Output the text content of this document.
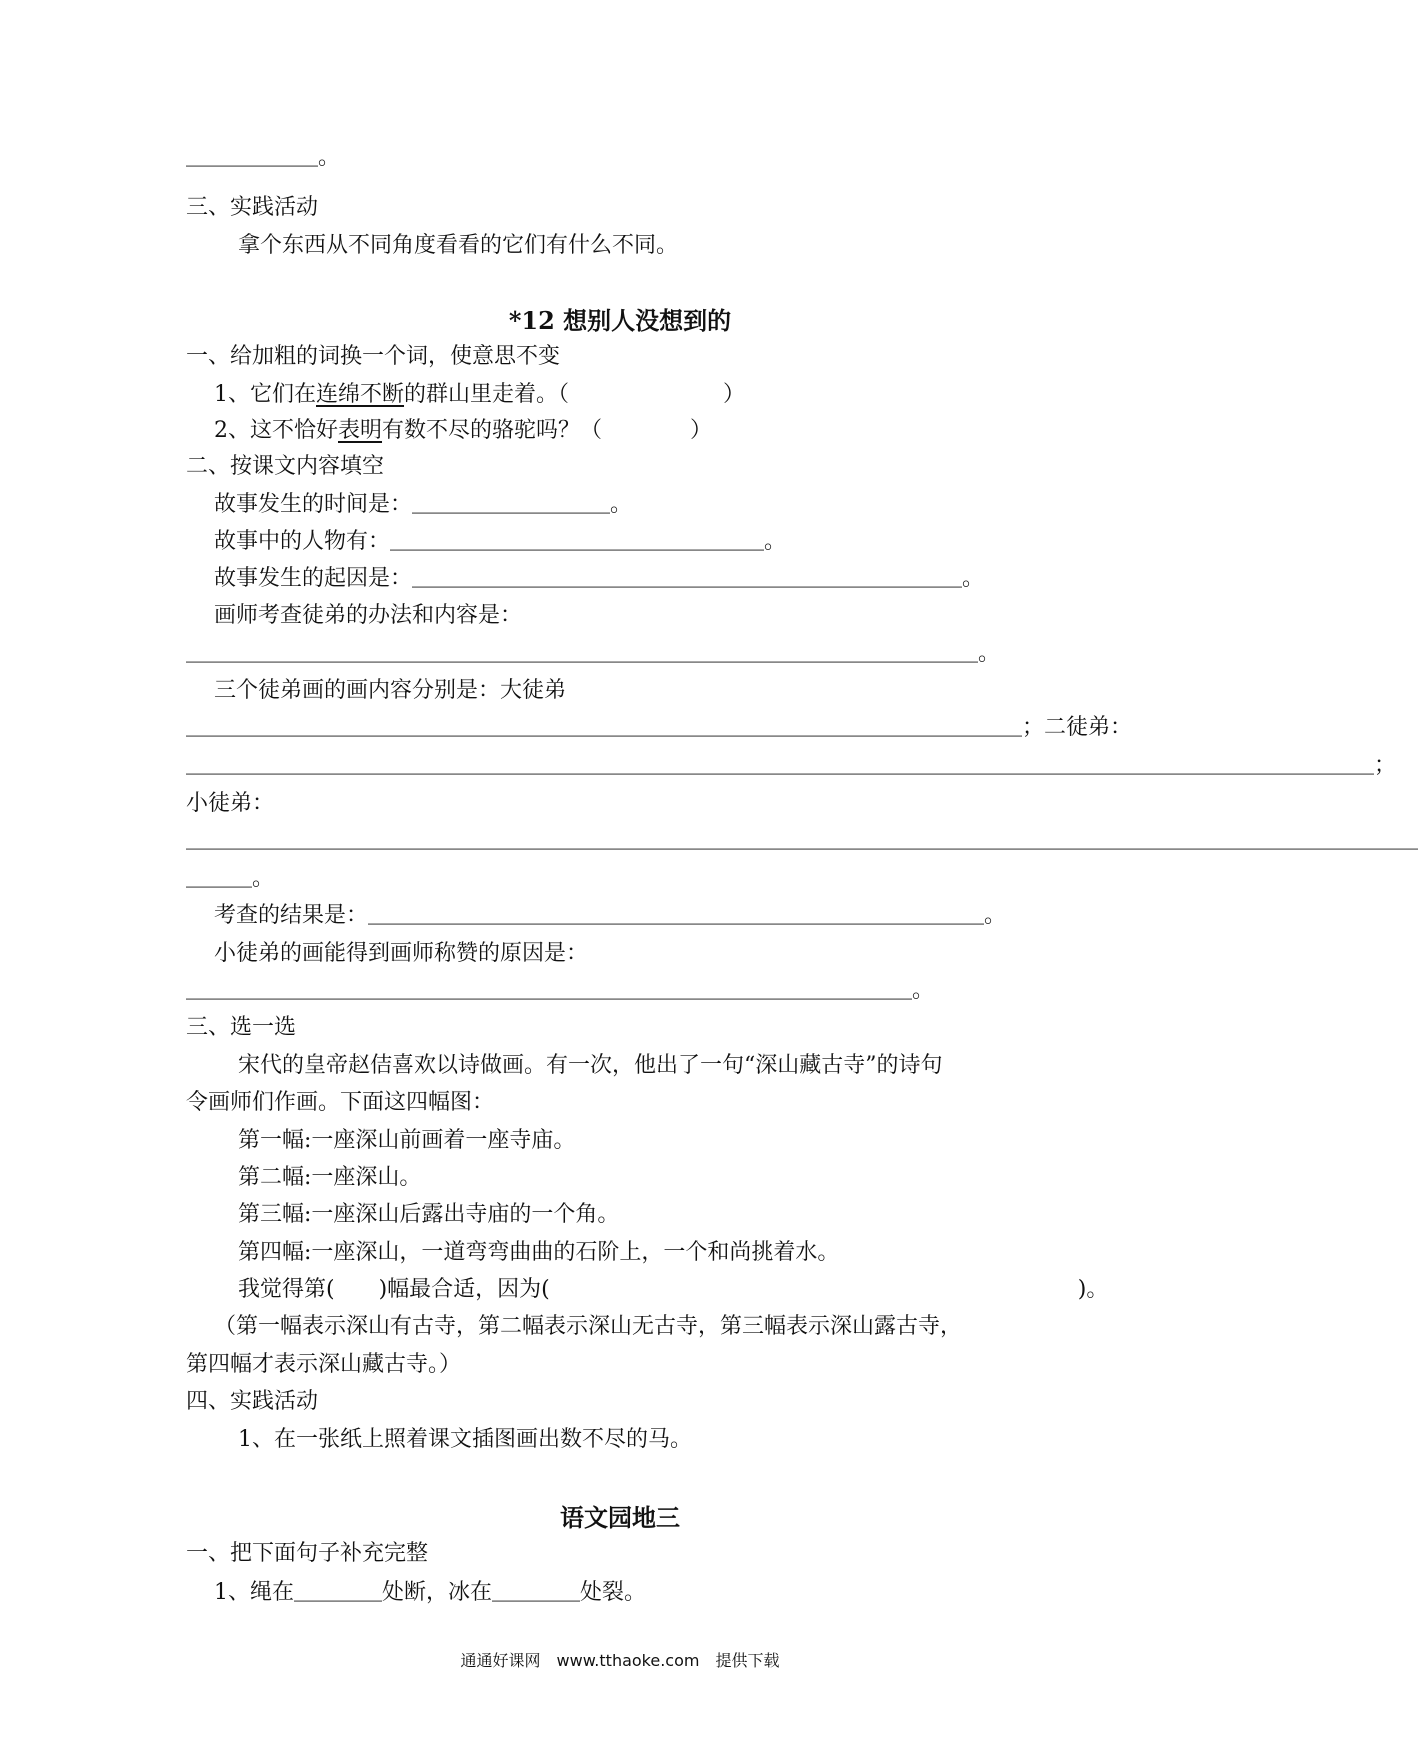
＿＿＿＿＿＿。

三、实践活动

拿个东西从不同角度看看的它们有什么不同。

*12 想别人没想到的

一、给加粗的词换一个词，使意思不变

1、它们在连绵不断的群山里走着。（　　　　　　　）

2、这不恰好表明有数不尽的骆驼吗？（　　　　）

二、按课文内容填空

故事发生的时间是：＿＿＿＿＿＿＿＿＿。

故事中的人物有：＿＿＿＿＿＿＿＿＿＿＿＿＿＿＿＿＿。

故事发生的起因是：＿＿＿＿＿＿＿＿＿＿＿＿＿＿＿＿＿＿＿＿＿＿＿＿＿。

画师考查徒弟的办法和内容是：

＿＿＿＿＿＿＿＿＿＿＿＿＿＿＿＿＿＿＿＿＿＿＿＿＿＿＿＿＿＿＿＿＿＿＿＿。

三个徒弟画的画内容分别是：大徒弟

＿＿＿＿＿＿＿＿＿＿＿＿＿＿＿＿＿＿＿＿＿＿＿＿＿＿＿＿＿＿＿＿＿＿＿＿＿＿；二徒弟：

＿＿＿＿＿＿＿＿＿＿＿＿＿＿＿＿＿＿＿＿＿＿＿＿＿＿＿＿＿＿＿＿＿＿＿＿＿＿＿＿＿＿＿＿＿＿＿＿＿＿＿＿＿＿；

小徒弟：

＿＿＿＿＿＿＿＿＿＿＿＿＿＿＿＿＿＿＿＿＿＿＿＿＿＿＿＿＿＿＿＿＿＿＿＿＿＿＿＿＿＿＿＿＿＿＿＿＿＿＿＿＿＿＿＿

＿＿＿。

考查的结果是：＿＿＿＿＿＿＿＿＿＿＿＿＿＿＿＿＿＿＿＿＿＿＿＿＿＿＿＿。

小徒弟的画能得到画师称赞的原因是：

＿＿＿＿＿＿＿＿＿＿＿＿＿＿＿＿＿＿＿＿＿＿＿＿＿＿＿＿＿＿＿＿＿。

三、选一选

宋代的皇帝赵佶喜欢以诗做画。有一次，他出了一句“深山藏古寺”的诗句

令画师们作画。下面这四幅图：

第一幅:一座深山前画着一座寺庙。

第二幅:一座深山。

第三幅:一座深山后露出寺庙的一个角。

第四幅:一座深山，一道弯弯曲曲的石阶上，一个和尚挑着水。

我觉得第(　　)幅最合适，因为(　　　　　　　　　　　　　　　　　　　　　　　　)。

（第一幅表示深山有古寺，第二幅表示深山无古寺，第三幅表示深山露古寺，

第四幅才表示深山藏古寺。）

四、实践活动

1、在一张纸上照着课文插图画出数不尽的马。

语文园地三

一、把下面句子补充完整

1、绳在＿＿＿＿处断，冰在＿＿＿＿处裂。

通通好课网　www.tthaoke.com　提供下载
